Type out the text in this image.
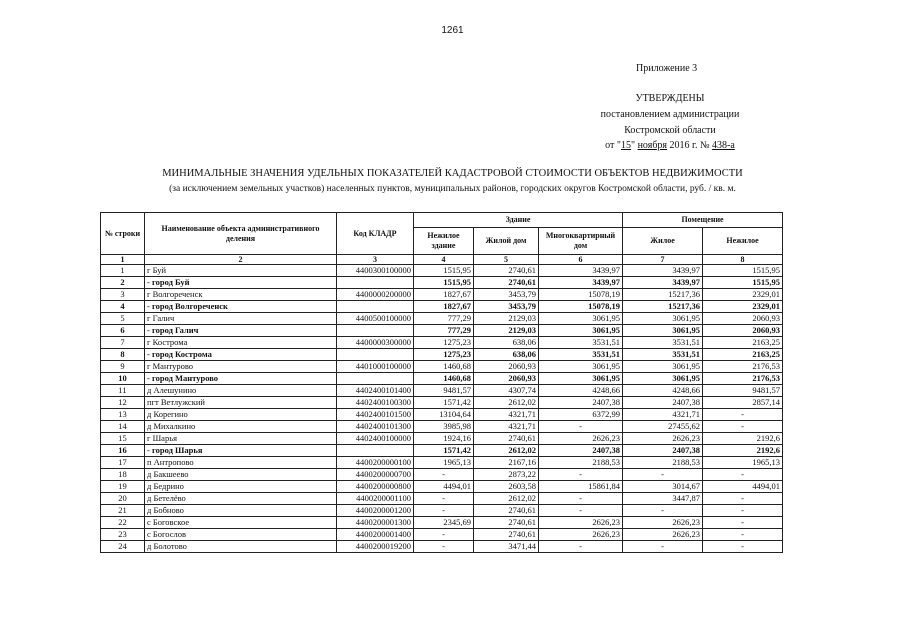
1261
Приложение 3
УТВЕРЖДЕНЫ
постановлением администрации
Костромской области
от "15" ноября 2016 г. № 438-а
МИНИМАЛЬНЫЕ ЗНАЧЕНИЯ УДЕЛЬНЫХ ПОКАЗАТЕЛЕЙ КАДАСТРОВОЙ СТОИМОСТИ ОБЪЕКТОВ НЕДВИЖИМОСТИ
(за исключением земельных участков) населенных пунктов, муниципальных районов, городских округов Костромской области, руб. / кв. м.
№ строки	Наименование объекта административного деления	Код КЛАДР	Здание			Помещение	
			Нежилое здание	Жилой дом	Многоквартирный дом	Жилое	Нежилое
1	2	3	4	5	6	7	8
1	г Буй	4400300100000	1515,95	2740,61	3439,97	3439,97	1515,95
2	- город Буй		1515,95	2740,61	3439,97	3439,97	1515,95
3	г Волгореченск	4400000200000	1827,67	3453,79	15078,19	15217,36	2329,01
4	- город Волгореченск		1827,67	3453,79	15078,19	15217,36	2329,01
5	г Галич	4400500100000	777,29	2129,03	3061,95	3061,95	2060,93
6	- город Галич		777,29	2129,03	3061,95	3061,95	2060,93
7	г Кострома	4400000300000	1275,23	638,06	3531,51	3531,51	2163,25
8	- город Кострома		1275,23	638,06	3531,51	3531,51	2163,25
9	г Мантурово	4401000100000	1460,68	2060,93	3061,95	3061,95	2176,53
10	- город Мантурово		1460,68	2060,93	3061,95	3061,95	2176,53
11	д Алешунино	4402400101400	9481,57	4307,74	4248,66	4248,66	9481,57
12	пгт Ветлужский	4402400100300	1571,42	2612,02	2407,38	2407,38	2857,14
13	д Корегино	4402400101500	13104,64	4321,71	6372,99	4321,71	-
14	д Михалкино	4402400101300	3985,98	4321,71	-	27455,62	-
15	г Шарья	4402400100000	1924,16	2740,61	2626,23	2626,23	2192,6
16	- город Шарья		1571,42	2612,02	2407,38	2407,38	2192,6
17	п Антропово	4400200000100	1965,13	2167,16	2188,53	2188,53	1965,13
18	д Бакшеево	4400200000700	-	2873,22	-	-	-
19	д Бедрино	4400200000800	4494,01	2603,58	15861,84	3014,67	4494,01
20	д Бетелёво	4400200001100	-	2612,02	-	3447,87	-
21	д Бобново	4400200001200	-	2740,61	-	-	-
22	с Боговское	4400200001300	2345,69	2740,61	2626,23	2626,23	-
23	с Богослов	4400200001400	-	2740,61	2626,23	2626,23	-
24	д Болотово	4400200019200	-	3471,44	-	-	-
